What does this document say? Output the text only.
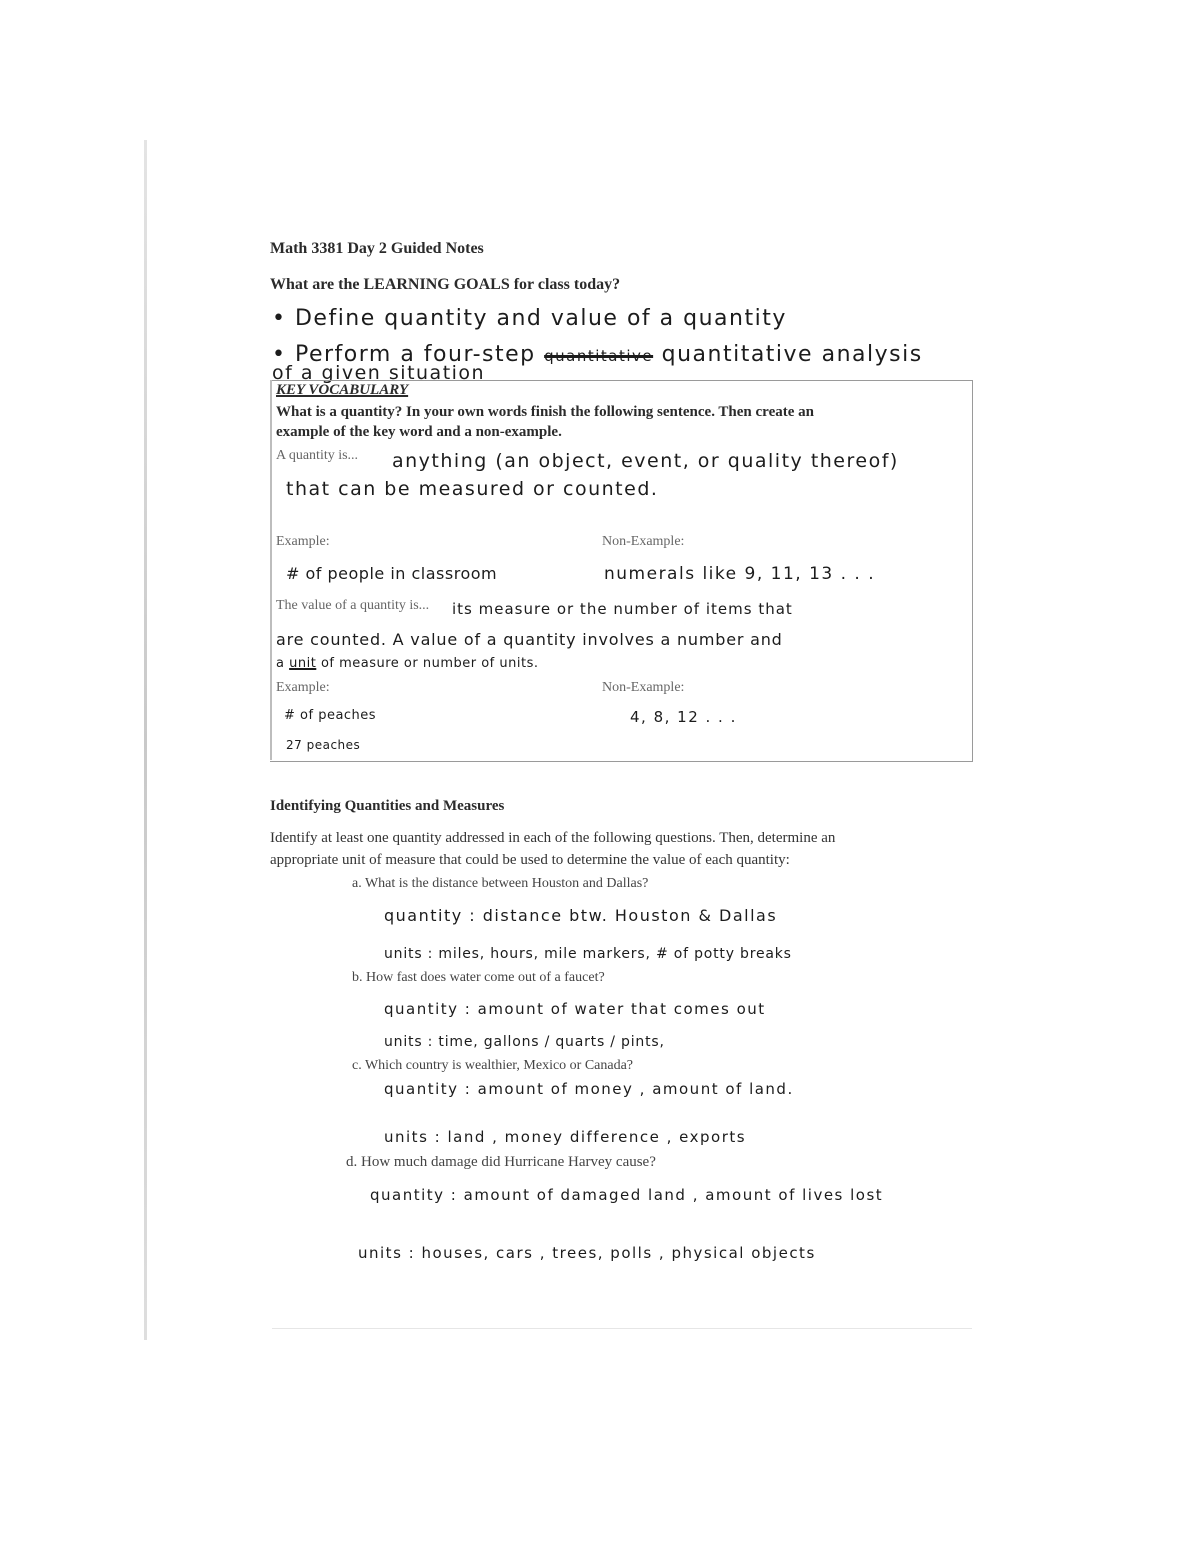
Math 3381 Day 2 Guided Notes
What are the LEARNING GOALS for class today?
• Define quantity and value of a quantity
• Perform a four-step quantitative quantitative analysis
of a given situation
KEY VOCABULARY
What is a quantity? In your own words finish the following sentence. Then create an
example of the key word and a non-example.
A quantity is... anything (an object, event, or quality thereof)
that can be measured or counted.
Example:	Non-Example:
# of people in classroom	numerals like 9, 11, 13 . . .
The value of a quantity is... its measure or the number of items that
are counted. A value of a quantity involves a number and
a unit of measure or number of units.
Example:	Non-Example:
# of peaches	4, 8, 12 . . .
27 peaches
Identifying Quantities and Measures
Identify at least one quantity addressed in each of the following questions. Then, determine an
appropriate unit of measure that could be used to determine the value of each quantity:
a. What is the distance between Houston and Dallas?
quantity : distance btw. Houston & Dallas
units : miles, hours, mile markers, # of potty breaks
b. How fast does water come out of a faucet?
quantity : amount of water that comes out
units : time, gallons / quarts / pints,
c. Which country is wealthier, Mexico or Canada?
quantity : amount of money , amount of land.
units : land , money difference , exports
d. How much damage did Hurricane Harvey cause?
quantity : amount of damaged land , amount of lives lost
units : houses, cars , trees, polls , physical objects
